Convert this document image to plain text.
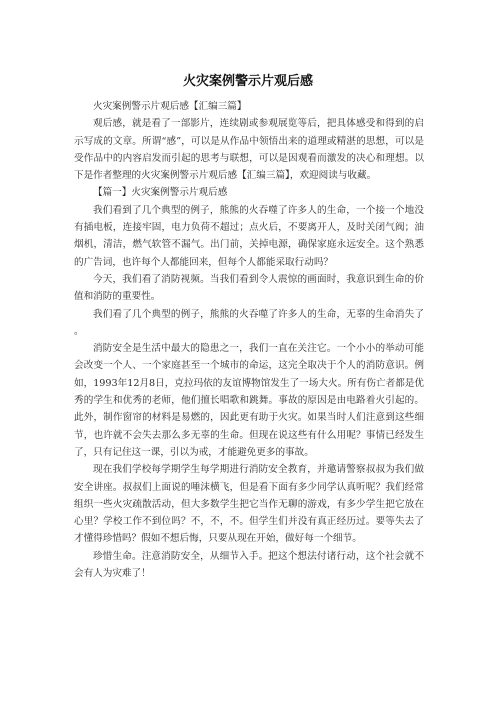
火灾案例警示片观后感

火灾案例警示片观后感【汇编三篇】

观后感，就是看了一部影片，连续剧或参观展览等后，把具体感受和得到的启示写成的文章。所谓“感”，可以是从作品中领悟出来的道理或精湛的思想，可以是受作品中的内容启发而引起的思考与联想，可以是因观看而激发的决心和理想。以下是作者整理的火灾案例警示片观后感【汇编三篇】，欢迎阅读与收藏。

【篇一】火灾案例警示片观后感

我们看到了几个典型的例子，熊熊的火吞噬了许多人的生命，一个接一个地没有插电板，连接牢固，电力负荷不超过；点火后，不要离开人，及时关闭气阀；油烟机，清洁，燃气软管不漏气。出门前，关掉电源，确保家庭永远安全。这个熟悉的广告词，也许每个人都能回来，但每个人都能采取行动吗？

今天，我们看了消防视频。当我们看到令人震惊的画面时，我意识到生命的价值和消防的重要性。

我们看了几个典型的例子，熊熊的火吞噬了许多人的生命，无辜的生命消失了。

消防安全是生活中最大的隐患之一，我们一直在关注它。一个小小的举动可能会改变一个人、一个家庭甚至一个城市的命运，这完全取决于个人的消防意识。例如，1993年12月8日，克拉玛依的友谊博物馆发生了一场大火。所有伤亡者都是优秀的学生和优秀的老师，他们擅长唱歌和跳舞。事故的原因是由电路着火引起的。此外，制作窗帘的材料是易燃的，因此更有助于火灾。如果当时人们注意到这些细节，也许就不会失去那么多无辜的生命。但现在说这些有什么用呢？事情已经发生了，只有记住这一课，引以为戒，才能避免更多的事故。

现在我们学校每学期学生每学期进行消防安全教育，并邀请警察叔叔为我们做安全讲座。叔叔们上面说的唾沫横飞，但是看下面有多少同学认真听呢？我们经常组织一些火灾疏散活动，但大多数学生把它当作无聊的游戏，有多少学生把它放在心里？学校工作不到位吗？不，不，不。但学生们并没有真正经历过。要等失去了才懂得珍惜吗？假如不想后悔，只要从现在开始，做好每一个细节。

珍惜生命。注意消防安全，从细节入手。把这个想法付诸行动，这个社会就不会有人为灾难了！
